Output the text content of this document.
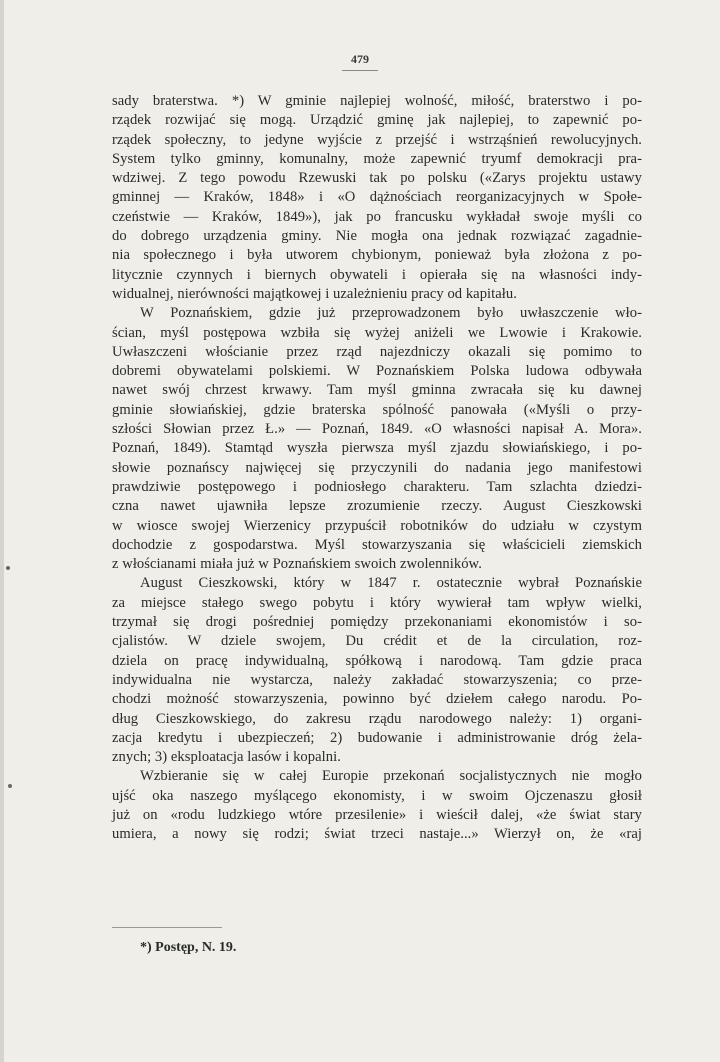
479
sady braterstwa. *) W gminie najlepiej wolność, miłość, braterstwo i po-
rządek rozwijać się mogą. Urządzić gminę jak najlepiej, to zapewnić po-
rządek społeczny, to jedyne wyjście z przejść i wstrząśnień rewolucyjnych.
System tylko gminny, komunalny, może zapewnić tryumf demokracji pra-
wdziwej. Z tego powodu Rzewuski tak po polsku («Zarys projektu ustawy
gminnej — Kraków, 1848» i «O dążnościach reorganizacyjnych w Społe-
czeństwie — Kraków, 1849»), jak po francusku wykładał swoje myśli co
do dobrego urządzenia gminy. Nie mogła ona jednak rozwiązać zagadnie-
nia społecznego i była utworem chybionym, ponieważ była złożona z po-
litycznie czynnych i biernych obywateli i opierała się na własności indy-
widualnej, nierówności majątkowej i uzależnieniu pracy od kapitału.
W Poznańskiem, gdzie już przeprowadzonem było uwłaszczenie wło-
ścian, myśl postępowa wzbiła się wyżej aniżeli we Lwowie i Krakowie.
Uwłaszczeni włościanie przez rząd najezdniczy okazali się pomimo to
dobremi obywatelami polskiemi. W Poznańskiem Polska ludowa odbywała
nawet swój chrzest krwawy. Tam myśl gminna zwracała się ku dawnej
gminie słowiańskiej, gdzie braterska spólność panowała («Myśli o przy-
szłości Słowian przez Ł.» — Poznań, 1849. «O własności napisał A. Mora».
Poznań, 1849). Stamtąd wyszła pierwsza myśl zjazdu słowiańskiego, i po-
słowie poznańscy najwięcej się przyczynili do nadania jego manifestowi
prawdziwie postępowego i podniosłego charakteru. Tam szlachta dziedzi-
czna nawet ujawniła lepsze zrozumienie rzeczy. August Cieszkowski
w wiosce swojej Wierzenicy przypuścił robotników do udziału w czystym
dochodzie z gospodarstwa. Myśl stowarzyszania się właścicieli ziemskich
z włościanami miała już w Poznańskiem swoich zwolenników.
August Cieszkowski, który w 1847 r. ostatecznie wybrał Poznańskie
za miejsce stałego swego pobytu i który wywierał tam wpływ wielki,
trzymał się drogi pośredniej pomiędzy przekonaniami ekonomistów i so-
cjalistów. W dziele swojem, Du crédit et de la circulation, roz-
dziela on pracę indywidualną, spółkową i narodową. Tam gdzie praca
indywidualna nie wystarcza, należy zakładać stowarzyszenia; co prze-
chodzi możność stowarzyszenia, powinno być dziełem całego narodu. Po-
dług Cieszkowskiego, do zakresu rządu narodowego należy: 1) organi-
zacja kredytu i ubezpieczeń; 2) budowanie i administrowanie dróg żela-
znych; 3) eksploatacja lasów i kopalni.
Wzbieranie się w całej Europie przekonań socjalistycznych nie mogło
ujść oka naszego myślącego ekonomisty, i w swoim Ojczenaszu głosił
już on «rodu ludzkiego wtóre przesilenie» i wieścił dalej, «że świat stary
umiera, a nowy się rodzi; świat trzeci nastaje...» Wierzył on, że «raj
*) Postęp, N. 19.
